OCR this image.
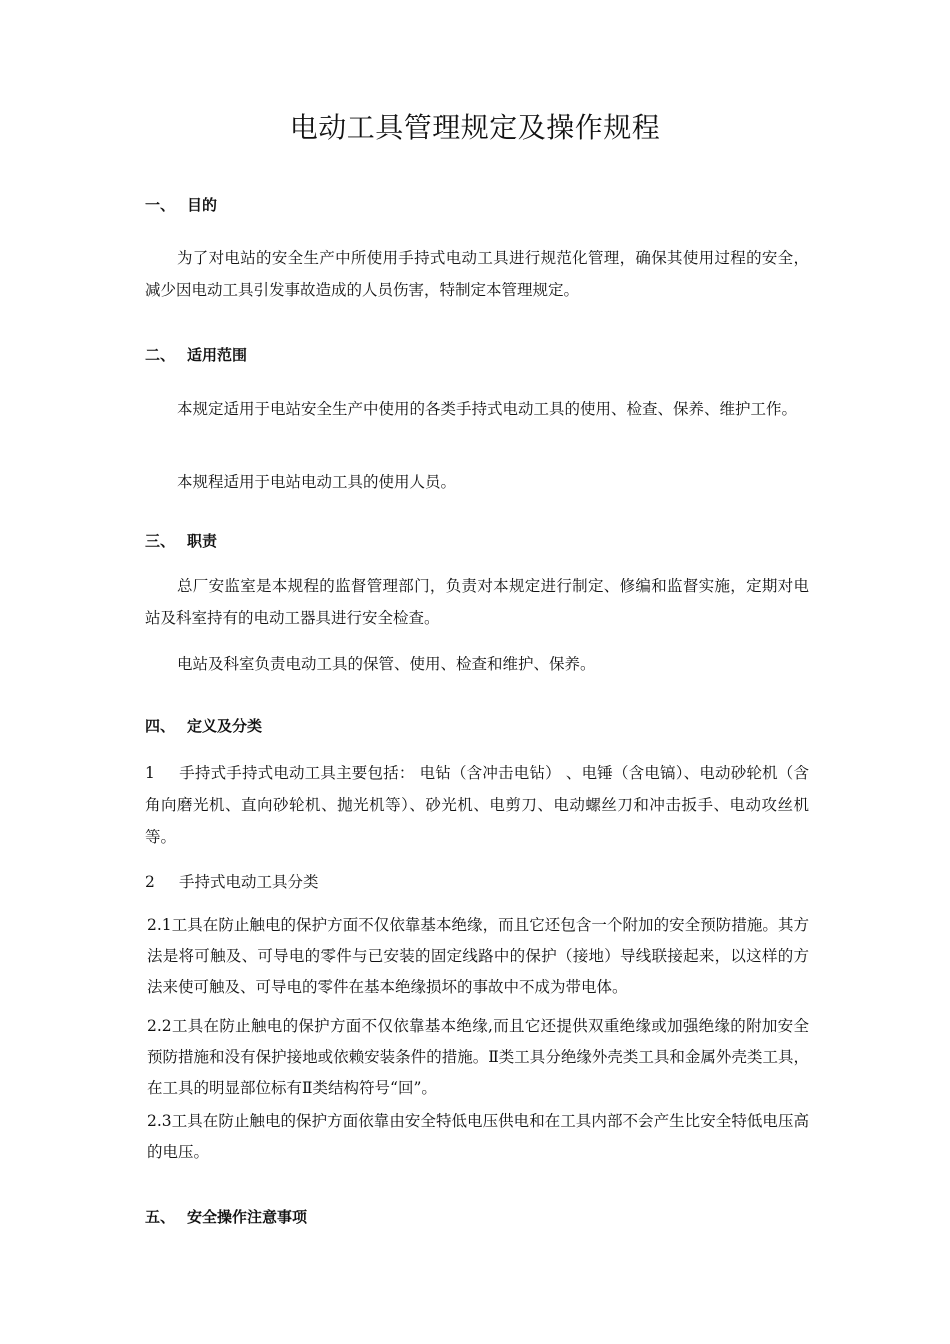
电动工具管理规定及操作规程
一、 目的

为了对电站的安全生产中所使用手持式电动工具进行规范化管理，确保其使用过程的安全，减少因电动工具引发事故造成的人员伤害，特制定本管理规定。

二、 适用范围

本规定适用于电站安全生产中使用的各类手持式电动工具的使用、检查、保养、维护工作。

本规程适用于电站电动工具的使用人员。

三、 职责

总厂安监室是本规程的监督管理部门，负责对本规定进行制定、修编和监督实施，定期对电站及科室持有的电动工器具进行安全检查。

电站及科室负责电动工具的保管、使用、检查和维护、保养。

四、 定义及分类

1 手持式手持式电动工具主要包括： 电钻（含冲击电钻） 、电锤（含电镐）、电动砂轮机（含角向磨光机、直向砂轮机、抛光机等）、砂光机、电剪刀、电动螺丝刀和冲击扳手、电动攻丝机等。

2 手持式电动工具分类

2.1工具在防止触电的保护方面不仅依靠基本绝缘，而且它还包含一个附加的安全预防措施。其方法是将可触及、可导电的零件与已安装的固定线路中的保护（接地）导线联接起来，以这样的方法来使可触及、可导电的零件在基本绝缘损坏的事故中不成为带电体。

2.2工具在防止触电的保护方面不仅依靠基本绝缘,而且它还提供双重绝缘或加强绝缘的附加安全预防措施和没有保护接地或依赖安装条件的措施。Ⅱ类工具分绝缘外壳类工具和金属外壳类工具，在工具的明显部位标有Ⅱ类结构符号“回”。

2.3工具在防止触电的保护方面依靠由安全特低电压供电和在工具内部不会产生比安全特低电压高的电压。

五、 安全操作注意事项
